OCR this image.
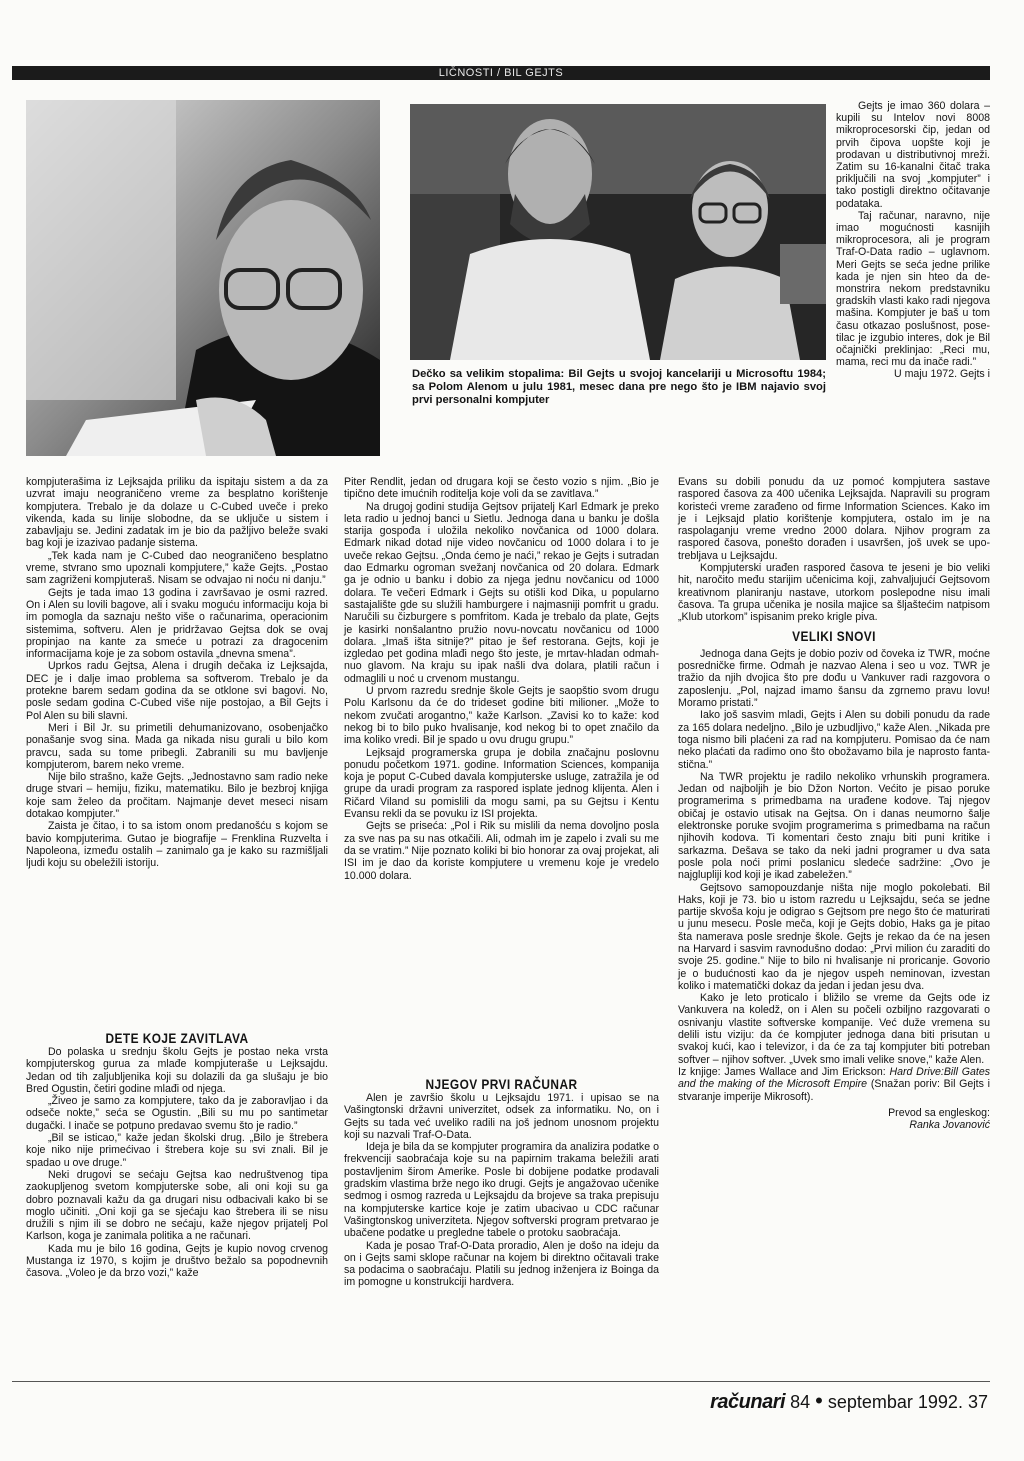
LIČNOSTI / BIL GEJTS
Dečko sa velikim stopalima: Bil Gejts u svojoj kancelariji u Microsoftu 1984; sa Polom Alenom u julu 1981, mesec dana pre nego što je IBM najavio svoj prvi personalni kompjuter

Gejts je imao 360 dolara – kupili su Intelov novi 8008 mikroprocesorski čip, jedan od prvih čipova uopšte koji je prodavan u distributivnoj mreži. Zatim su 16-kanalni čitač traka priključili na svoj „kompjuter” i tako postigli direktno očitavanje podataka.

Taj računar, naravno, nije imao mogućnosti kasnijih mikroprocesora, ali je program Traf-O-Data radio – uglavnom. Meri Gejts se seća jedne prilike kada je njen sin hteo da demonstrira nekom predstavniku gradskih vlasti kako radi njegova mašina. Kompjuter je baš u tom času otkazao poslušnost, posetilac je izgubio interes, dok je Bil očajnički preklinjao: „Reci mu, mama, reci mu da inače radi.”

U maju 1972. Gejts i

kompjuterašima iz Lejksajda priliku da ispitaju sistem a da za uzvrat imaju neograničeno vreme za besplatno korištenje kompjutera. Trebalo je da dolaze u C-Cubed uveče i preko vikenda, kada su linije slobodne, da se uključe u sistem i zabavljaju se. Jedini zadatak im je bio da pažljivo beleže svaki bag koji je izazivao padanje sistema.

„Tek kada nam je C-Cubed dao neograničeno besplatno vreme, stvrano smo upoznali kompjutere,” kaže Gejts. „Postao sam zagriženi kompjuteraš. Nisam se odvajao ni noću ni danju.”

Gejts je tada imao 13 godina i završavao je osmi razred. On i Alen su lovili bagove, ali i svaku moguću informaciju koja bi im pomogla da saznaju nešto više o računarima, operacionim sistemima, softveru. Alen je pridržavao Gejtsa dok se ovaj propinjao na kante za smeće u potrazi za dragocenim informacijama koje je za sobom ostavila „dnevna smena”.

Uprkos radu Gejtsa, Alena i drugih dečaka iz Lejksajda, DEC je i dalje imao problema sa softverom. Trebalo je da protekne barem sedam godina da se otklone svi bagovi. No, posle sedam godina C-Cubed više nije postojao, a Bil Gejts i Pol Alen su bili slavni.

Meri i Bil Jr. su primetili dehumanizovano, osobenjačko ponašanje svog sina. Mada ga nikada nisu gurali u bilo kom pravcu, sada su tome pribegli. Zabranili su mu bavljenje kompjuterom, barem neko vreme.

Nije bilo strašno, kaže Gejts. „Jednostavno sam radio neke druge stvari – hemiju, fiziku, matematiku. Bilo je bezbroj knjiga koje sam želeo da pročitam. Najmanje devet meseci nisam dotakao kompjuter.”

Zaista je čitao, i to sa istom onom predanošću s kojom se bavio kompjuterima. Gutao je biografije – Frenklina Ruzvelta i Napoleona, između ostalih – zanimalo ga je kako su razmišljali ljudi koju su obeležili istoriju.

DETE KOJE ZAVITLAVA

Do polaska u srednju školu Gejts je postao neka vrsta kompjuterskog gurua za mlađe kompjuteraše u Lejksajdu. Jedan od tih zaljubljenika koji su dolazili da ga slušaju je bio Bred Ogustin, četiri godine mlađi od njega.

„Živeo je samo za kompjutere, tako da je zaboravljao i da odseče nokte,” seća se Ogustin. „Bili su mu po santimetar dugački. I inače se potpuno predavao svemu što je radio.”

„Bil se isticao,” kaže jedan školski drug. „Bilo je štrebera koje niko nije primećivao i štrebera koje su svi znali. Bil je spadao u ove druge.”

Neki drugovi se sećaju Gejtsa kao nedruštvenog tipa zaokupljenog svetom kompjuterske sobe, ali oni koji su ga dobro poznavali kažu da ga drugari nisu odbacivali kako bi se moglo učiniti. „Oni koji ga se sjećaju kao štrebera ili se nisu družili s njim ili se dobro ne sećaju, kaže njegov prijatelj Pol Karlson, koga je zanimala politika a ne računari.

Kada mu je bilo 16 godina, Gejts je kupio novog crvenog Mustanga iz 1970, s kojim je društvo bežalo sa popodnevnih časova. „Voleo je da brzo vozi,” kaže

Piter Rendlit, jedan od drugara koji se često vozio s njim. „Bio je tipično dete imućnih roditelja koje voli da se zavitlava.”

Na drugoj godini studija Gejtsov prijatelj Karl Edmark je preko leta radio u jednoj banci u Sietlu. Jednoga dana u banku je došla starija gospođa i uložila nekoliko novčanica od 1000 dolara. Edmark nikad dotad nije video novčanicu od 1000 dolara i to je uveče rekao Gejtsu. „Onda ćemo je naći,” rekao je Gejts i sutradan dao Edmarku ogroman svežanj novčanica od 20 dolara. Edmark ga je odnio u banku i dobio za njega jednu novčanicu od 1000 dolara. Te večeri Edmark i Gejts su otišli kod Dika, u popularno sastajalište gde su služili hamburgere i najmasniji pomfrit u gradu. Naručili su čizburgere s pomfritom. Kada je trebalo da plate, Gejts je kasirki nonšalantno pružio novu-novcatu novčanicu od 1000 dolara. „Imaš išta sitnije?” pitao je šef restorana. Gejts, koji je izgledao pet godina mlađi nego što jeste, je mrtav-hladan odmahnuo glavom. Na kraju su ipak našli dva dolara, platili račun i odmaglili u noć u crvenom mustangu.

U prvom razredu srednje škole Gejts je saopštio svom drugu Polu Karlsonu da će do trideset godine biti milioner. „Može to nekom zvučati arogantno,” kaže Karlson. „Zavisi ko to kaže: kod nekog bi to bilo puko hvalisanje, kod nekog bi to opet značilo da ima koliko vredi. Bil je spado u ovu drugu grupu.”

Lejksajd programerska grupa je dobila značajnu poslovnu ponudu početkom 1971. godine. Information Sciences, kompanija koja je poput C-Cubed davala kompjuterske usluge, zatražila je od grupe da uradi program za raspored isplate jednog klijenta. Alen i Ričard Viland su pomislili da mogu sami, pa su Gejtsu i Kentu Evansu rekli da se povuku iz ISI projekta.

Gejts se priseća: „Pol i Rik su mislili da nema dovoljno posla za sve nas pa su nas otkačili. Ali, odmah im je zapelo i zvali su me da se vratim.” Nije poznato koliki bi bio honorar za ovaj projekat, ali ISI im je dao da koriste kompjutere u vremenu koje je vredelo 10.000 dolara.

NJEGOV PRVI RAČUNAR

Alen je završio školu u Lejksajdu 1971. i upisao se na Vašingtonski državni univerzitet, odsek za informatiku. No, on i Gejts su tada već uveliko radili na još jednom unosnom projektu koji su nazvali Traf-O-Data.

Ideja je bila da se kompjuter programira da analizira podatke o frekvenciji saobraćaja koje su na papirnim trakama beležili arati postavljenim širom Amerike. Posle bi dobijene podatke prodavali gradskim vlastima brže nego iko drugi. Gejts je angažovao učenike sedmog i osmog razreda u Lejksajdu da brojeve sa traka prepisuju na kompjuterske kartice koje je zatim ubacivao u CDC računar Vašingtonskog univerziteta. Njegov softverski program pretvarao je ubačene podatke u pregledne tabele o protoku saobraćaja.

Kada je posao Traf-O-Data proradio, Alen je došo na ideju da on i Gejts sami sklope računar na kojem bi direktno očitavali trake sa podacima o saobraćaju. Platili su jednog inženjera iz Boinga da im pomogne u konstrukciji hardvera.

Evans su dobili ponudu da uz pomoć kompjutera sastave raspored časova za 400 učenika Lejksajda. Napravili su program koristeći vreme zarađeno od firme Information Sciences. Kako im je i Lejksajd platio korištenje kompjutera, ostalo im je na raspolaganju vreme vredno 2000 dolara. Njihov program za raspored časova, ponešto dorađen i usavršen, još uvek se upotrebljava u Lejksajdu.

Kompjuterski urađen raspored časova te jeseni je bio veliki hit, naročito među starijim učenicima koji, zahvaljujući Gejtsovom kreativnom planiranju nastave, utorkom poslepodne nisu imali časova. Ta grupa učenika je nosila majice sa šljaštećim natpisom „Klub utorkom” ispisanim preko krigle piva.

VELIKI SNOVI

Jednoga dana Gejts je dobio poziv od čoveka iz TWR, moćne posredničke firme. Odmah je nazvao Alena i seo u voz. TWR je tražio da njih dvojica što pre dođu u Vankuver radi razgovora o zaposlenju. „Pol, najzad imamo šansu da zgrnemo pravu lovu! Moramo pristati.”

Iako još sasvim mladi, Gejts i Alen su dobili ponudu da rade za 165 dolara nedeljno. „Bilo je uzbudljivo,” kaže Alen. „Nikada pre toga nismo bili plaćeni za rad na kompjuteru. Pomisao da će nam neko plaćati da radimo ono što obožavamo bila je naprosto fantastična.”

Na TWR projektu je radilo nekoliko vrhunskih programera. Jedan od najboljih je bio Džon Norton. Većito je pisao poruke programerima s primedbama na urađene kodove. Taj njegov običaj je ostavio utisak na Gejtsa. On i danas neumorno šalje elektronske poruke svojim programerima s primedbama na račun njihovih kodova. Ti komentari često znaju biti puni kritike i sarkazma. Dešava se tako da neki jadni programer u dva sata posle pola noći primi poslanicu sledeće sadržine: „Ovo je najglupliji kod koji je ikad zabeležen.”

Gejtsovo samopouzdanje ništa nije moglo pokolebati. Bil Haks, koji je 73. bio u istom razredu u Lejksajdu, seća se jedne partije skvoša koju je odigrao s Gejtsom pre nego što će maturirati u junu mesecu. Posle meča, koji je Gejts dobio, Haks ga je pitao šta namerava posle srednje škole. Gejts je rekao da će na jesen na Harvard i sasvim ravnodušno dodao: „Prvi milion ću zaraditi do svoje 25. godine.” Nije to bilo ni hvalisanje ni proricanje. Govorio je o budućnosti kao da je njegov uspeh neminovan, izvestan koliko i matematički dokaz da jedan i jedan jesu dva.

Kako je leto proticalo i bližilo se vreme da Gejts ode iz Vankuvera na koledž, on i Alen su počeli ozbiljno razgovarati o osnivanju vlastite softverske kompanije. Već duže vremena su delili istu viziju: da će kompjuter jednoga dana biti prisutan u svakoj kući, kao i televizor, i da će za taj kompjuter biti potreban softver – njihov softver. „Uvek smo imali velike snove,” kaže Alen.

Iz knjige: James Wallace and Jim Erickson: Hard Drive:Bill Gates and the making of the Microsoft Empire (Snažan poriv: Bil Gejts i stvaranje imperije Mikrosoft).

Prevod sa engleskog:
Ranka Jovanović
računari 84 • septembar 1992. 37
